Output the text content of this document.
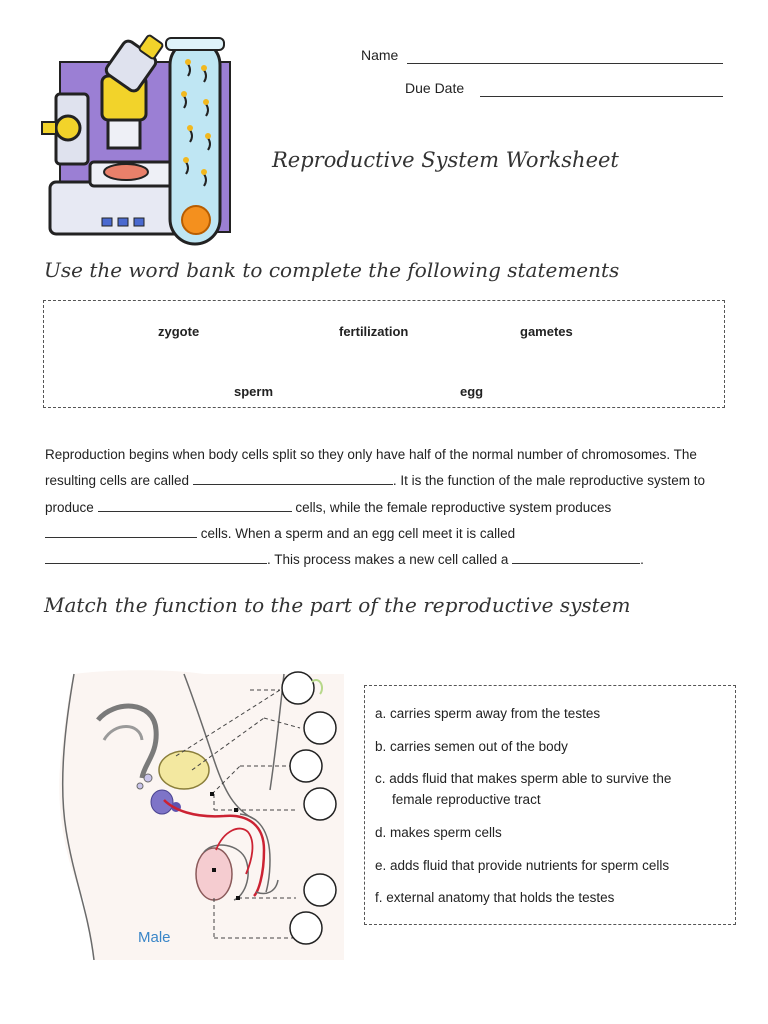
Name
Due Date
Reproductive System Worksheet
Use the word bank to complete the following statements
zygote	fertilization	gametes
sperm	egg
Reproduction begins when body cells split so they only have half of the normal number of chromosomes. The resulting cells are called	. It is the function of the male reproductive system to produce	cells, while the female reproductive system produces  cells. When a sperm and an egg cell meet it is called . This process makes a new cell called a	.
Match the function to the part of the reproductive system
Male
a. carries sperm away from the testes
b. carries semen out of the body
c. adds fluid that makes sperm able to survive the
female reproductive tract
d. makes sperm cells
e. adds fluid that provide nutrients for sperm cells
f. external anatomy that holds the testes
